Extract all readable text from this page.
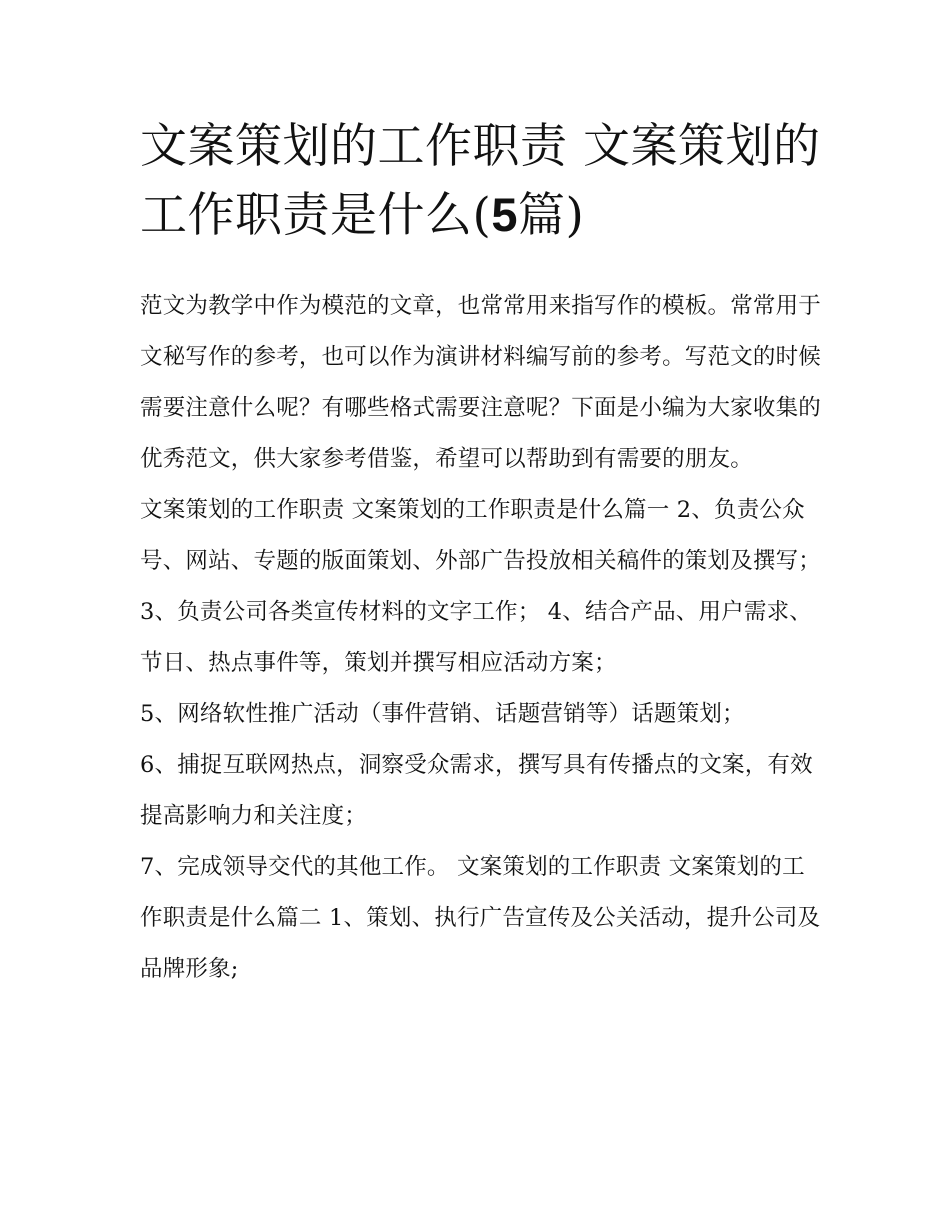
文案策划的工作职责 文案策划的工作职责是什么(5篇)

范文为教学中作为模范的文章，也常常用来指写作的模板。常常用于文秘写作的参考，也可以作为演讲材料编写前的参考。写范文的时候需要注意什么呢？有哪些格式需要注意呢？下面是小编为大家收集的优秀范文，供大家参考借鉴，希望可以帮助到有需要的朋友。

文案策划的工作职责 文案策划的工作职责是什么篇一 2、负责公众号、网站、专题的版面策划、外部广告投放相关稿件的策划及撰写；

3、负责公司各类宣传材料的文字工作； 4、结合产品、用户需求、节日、热点事件等，策划并撰写相应活动方案；

5、网络软性推广活动（事件营销、话题营销等）话题策划；

6、捕捉互联网热点，洞察受众需求，撰写具有传播点的文案，有效提高影响力和关注度；

7、完成领导交代的其他工作。 文案策划的工作职责 文案策划的工作职责是什么篇二 1、策划、执行广告宣传及公关活动，提升公司及品牌形象;
